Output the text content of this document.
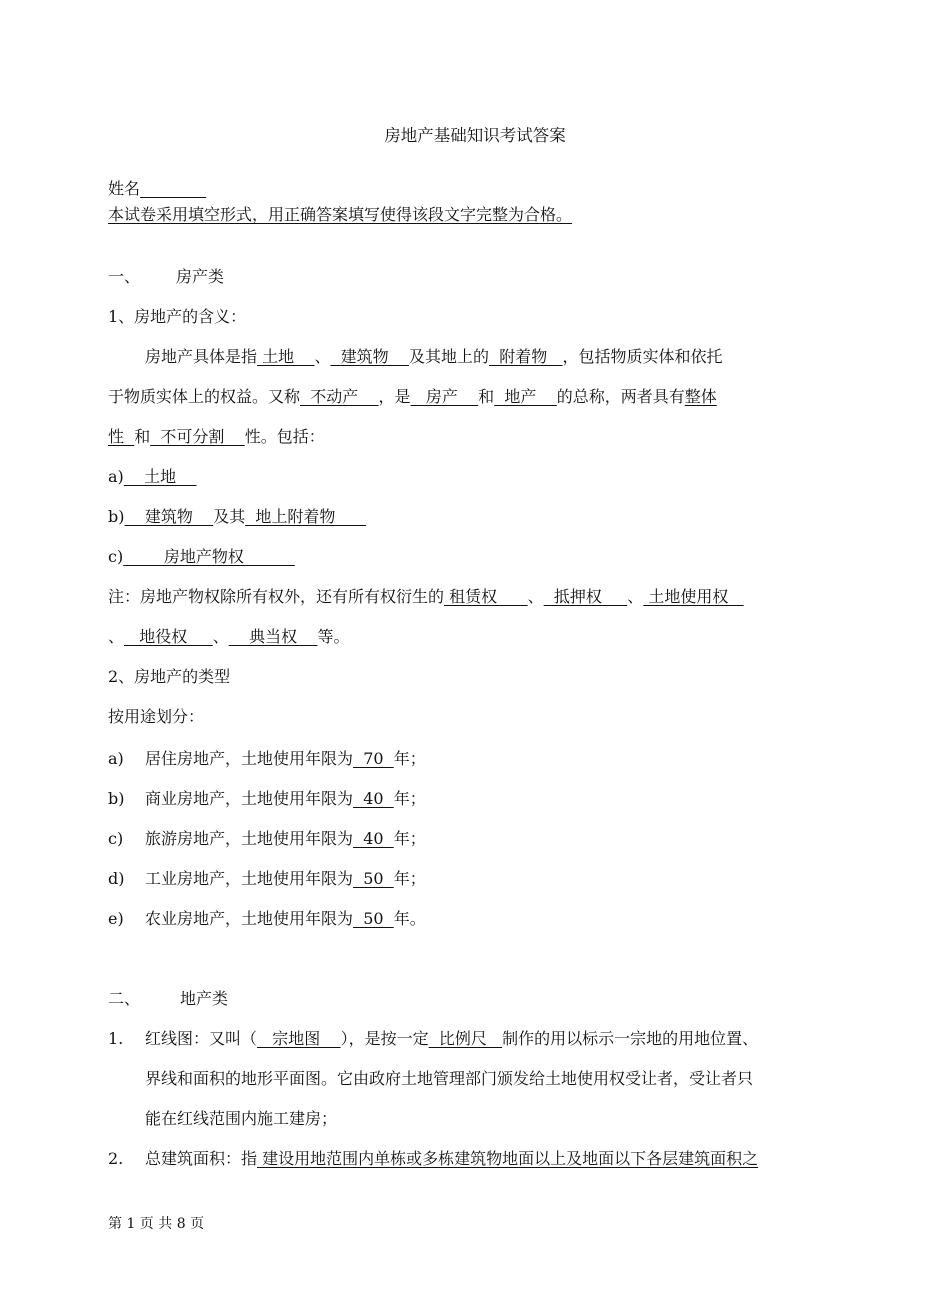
房地产基础知识考试答案
姓名
本试卷采用填空形式，用正确答案填写使得该段文字完整为合格。
一、 房产类
1、房地产的含义：
房地产具体是指 土地    、  建筑物    及其地上的  附着物   ，包括物质实体和依托
于物质实体上的权益。又称  不动产    ，是   房产    和  地产    的总称，两者具有整体
性  和  不可分割    性。包括：
a)    土地
b)    建筑物    及其  地上附着物
c)        房地产物权
注：房地产物权除所有权外，还有所有权衍生的 租赁权      、  抵押权     、 土地使用权
、   地役权     、    典当权    等。
2、房地产的类型
按用途划分：
a) 居住房地产，土地使用年限为  70  年；
b) 商业房地产，土地使用年限为  40  年；
c) 旅游房地产，土地使用年限为  40  年；
d) 工业房地产，土地使用年限为  50  年；
e) 农业房地产，土地使用年限为  50  年。
二、	地产类
1. 红线图：又叫（   宗地图    ），是按一定  比例尺   制作的用以标示一宗地的用地位置、
界线和面积的地形平面图。它由政府土地管理部门颁发给土地使用权受让者，受让者只
能在红线范围内施工建房；
2. 总建筑面积：指 建设用地范围内单栋或多栋建筑物地面以上及地面以下各层建筑面积之
第 1 页 共 8 页
